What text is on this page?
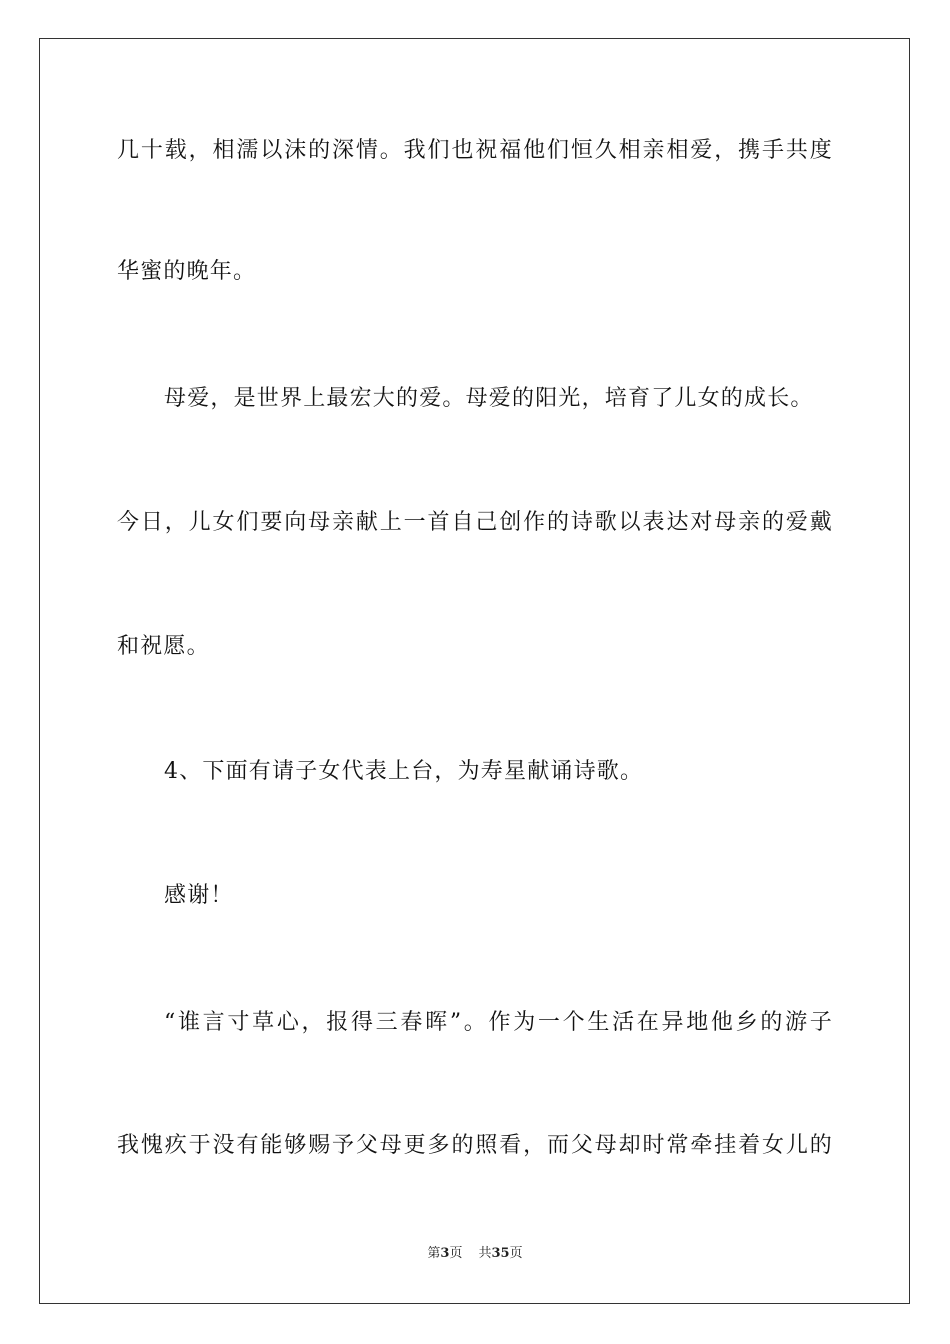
几十载，相濡以沫的深情。我们也祝福他们恒久相亲相爱，携手共度
华蜜的晚年。
母爱，是世界上最宏大的爱。母爱的阳光，培育了儿女的成长。
今日，儿女们要向母亲献上一首自己创作的诗歌以表达对母亲的爱戴
和祝愿。
4、下面有请子女代表上台，为寿星献诵诗歌。
感谢！
“谁言寸草心，报得三春晖”。作为一个生活在异地他乡的游子
我愧疚于没有能够赐予父母更多的照看，而父母却时常牵挂着女儿的
第3页 共35页
